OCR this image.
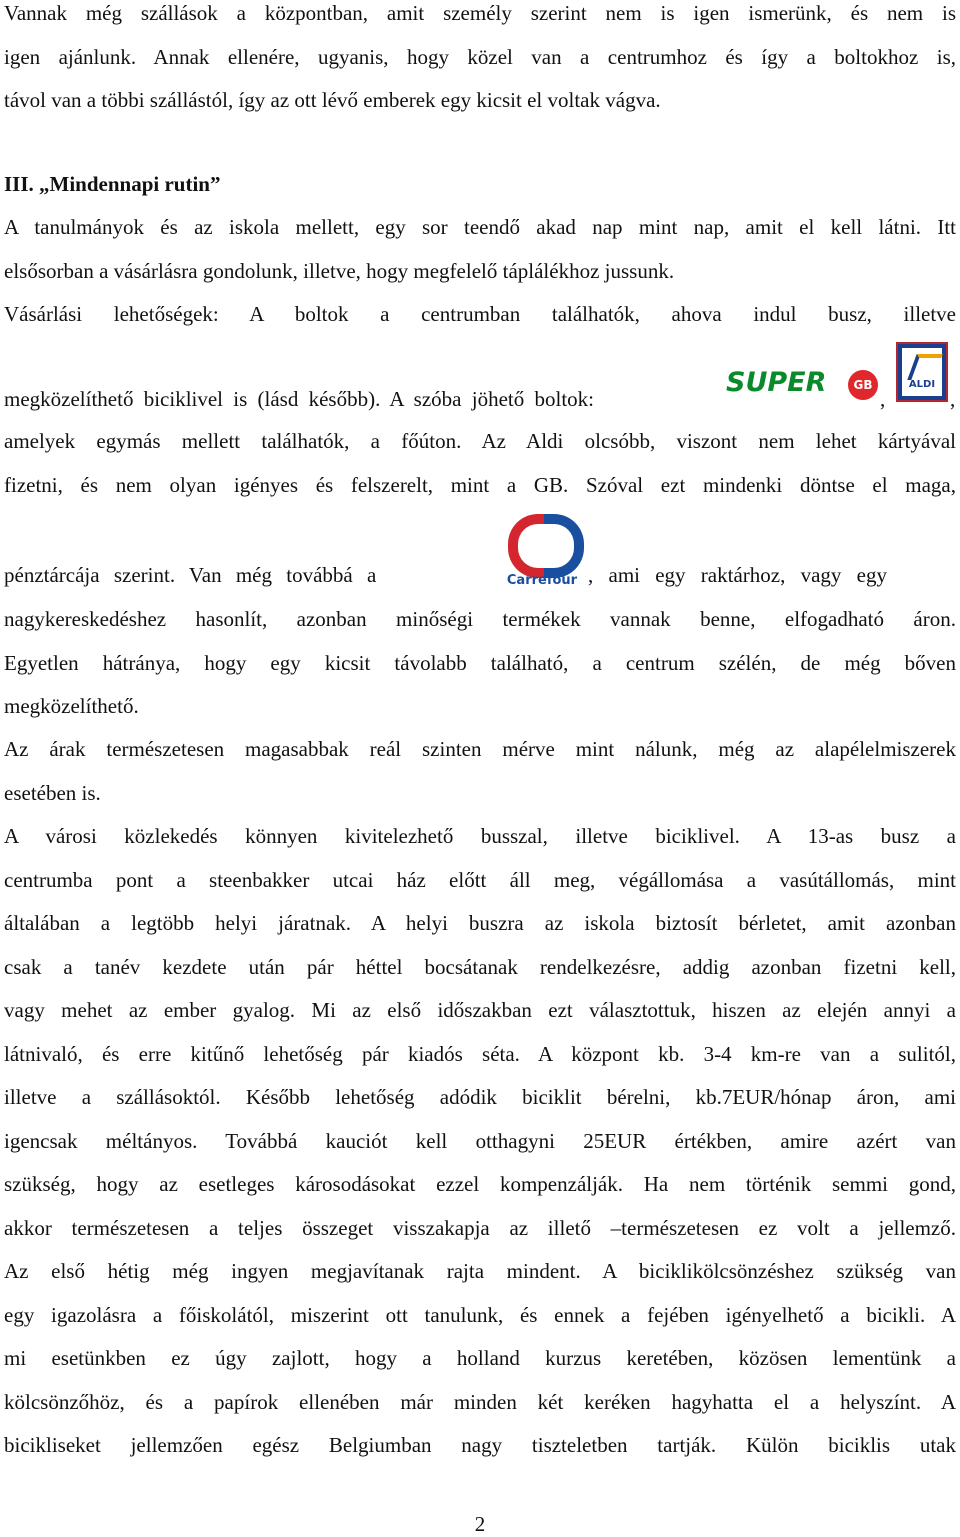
Vannak még szállások a központban, amit személy szerint nem is igen ismerünk, és nem is
igen ajánlunk. Annak ellenére, ugyanis, hogy közel van a centrumhoz és így a boltokhoz is,
távol van a többi szállástól, így az ott lévő emberek egy kicsit el voltak vágva.
III. „Mindennapi rutin”
A tanulmányok és az iskola mellett, egy sor teendő akad nap mint nap, amit el kell látni. Itt
elsősorban a vásárlásra gondolunk, illetve, hogy megfelelő táplálékhoz jussunk.
Vásárlási lehetőségek: A boltok a centrumban találhatók, ahova indul busz, illetve
megközelíthető biciklivel is (lásd később). A szóba jöhető boltok:
SUPER	GB
,
ALDI
,
amelyek egymás mellett találhatók, a főúton. Az Aldi olcsóbb, viszont nem lehet kártyával
fizetni, és nem olyan igényes és felszerelt, mint a GB. Szóval ezt mindenki döntse el maga,
pénztárcája szerint. Van még továbbá a	Carrefour , ami egy raktárhoz, vagy egy
nagykereskedéshez hasonlít, azonban minőségi termékek vannak benne, elfogadható áron.
Egyetlen hátránya, hogy egy kicsit távolabb található, a centrum szélén, de még bőven
megközelíthető.
Az árak természetesen magasabbak reál szinten mérve mint nálunk, még az alapélelmiszerek
esetében is.
A városi közlekedés könnyen kivitelezhető busszal, illetve biciklivel. A 13-as busz a
centrumba pont a steenbakker utcai ház előtt áll meg, végállomása a vasútállomás, mint
általában a legtöbb helyi járatnak. A helyi buszra az iskola biztosít bérletet, amit azonban
csak a tanév kezdete után pár héttel bocsátanak rendelkezésre, addig azonban fizetni kell,
vagy mehet az ember gyalog. Mi az első időszakban ezt választottuk, hiszen az elején annyi a
látnivaló, és erre kitűnő lehetőség pár kiadós séta. A központ kb. 3-4 km-re van a sulitól,
illetve a szállásoktól. Később lehetőség adódik biciklit bérelni, kb.7EUR/hónap áron, ami
igencsak méltányos. Továbbá kauciót kell otthagyni 25EUR értékben, amire azért van
szükség, hogy az esetleges károsodásokat ezzel kompenzálják. Ha nem történik semmi gond,
akkor természetesen a teljes összeget visszakapja az illető –természetesen ez volt a jellemző.
Az első hétig még ingyen megjavítanak rajta mindent. A biciklikölcsönzéshez szükség van
egy igazolásra a főiskolától, miszerint ott tanulunk, és ennek a fejében igényelhető a bicikli. A
mi esetünkben ez úgy zajlott, hogy a holland kurzus keretében, közösen lementünk a
kölcsönzőhöz, és a papírok ellenében már minden két keréken hagyhatta el a helyszínt. A
bicikliseket jellemzően egész Belgiumban nagy tiszteletben tartják. Külön biciklis utak
2
